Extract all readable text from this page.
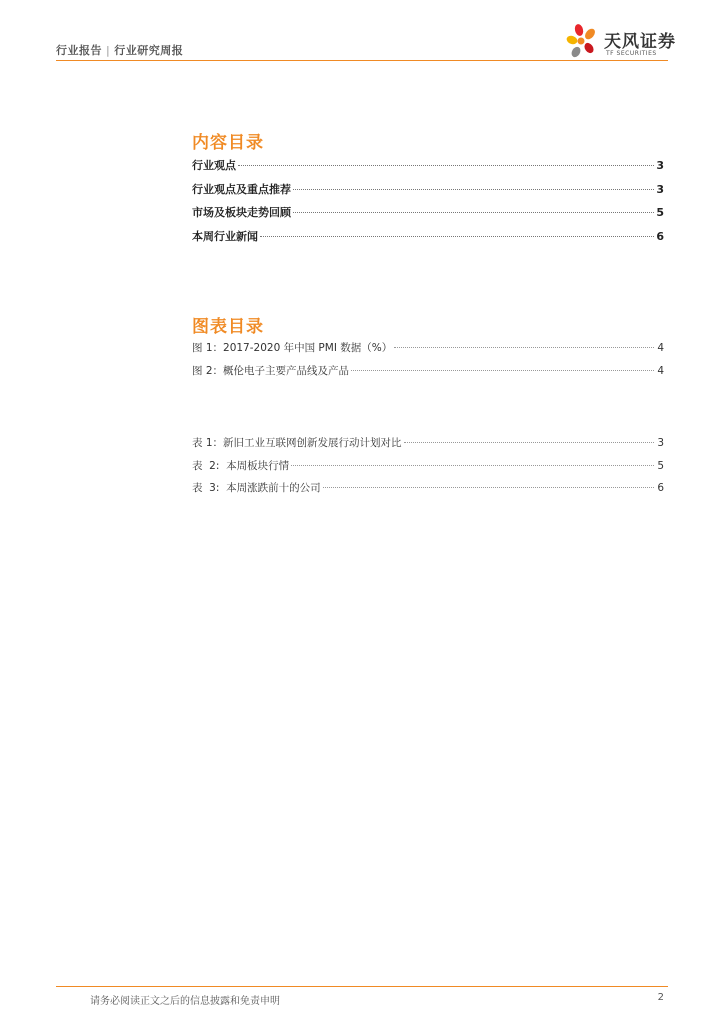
行业报告 | 行业研究周报	天风证券
TF SECURITIES
内容目录
行业观点	3
行业观点及重点推荐	3
市场及板块走势回顾	5
本周行业新闻	6
图表目录
图 1：2017-2020 年中国 PMI 数据（%）	4
图 2：概伦电子主要产品线及产品	4
表 1：新旧工业互联网创新发展行动计划对比	3
表  2:  本周板块行情	5
表  3:  本周涨跌前十的公司	6
请务必阅读正文之后的信息披露和免责申明	2
